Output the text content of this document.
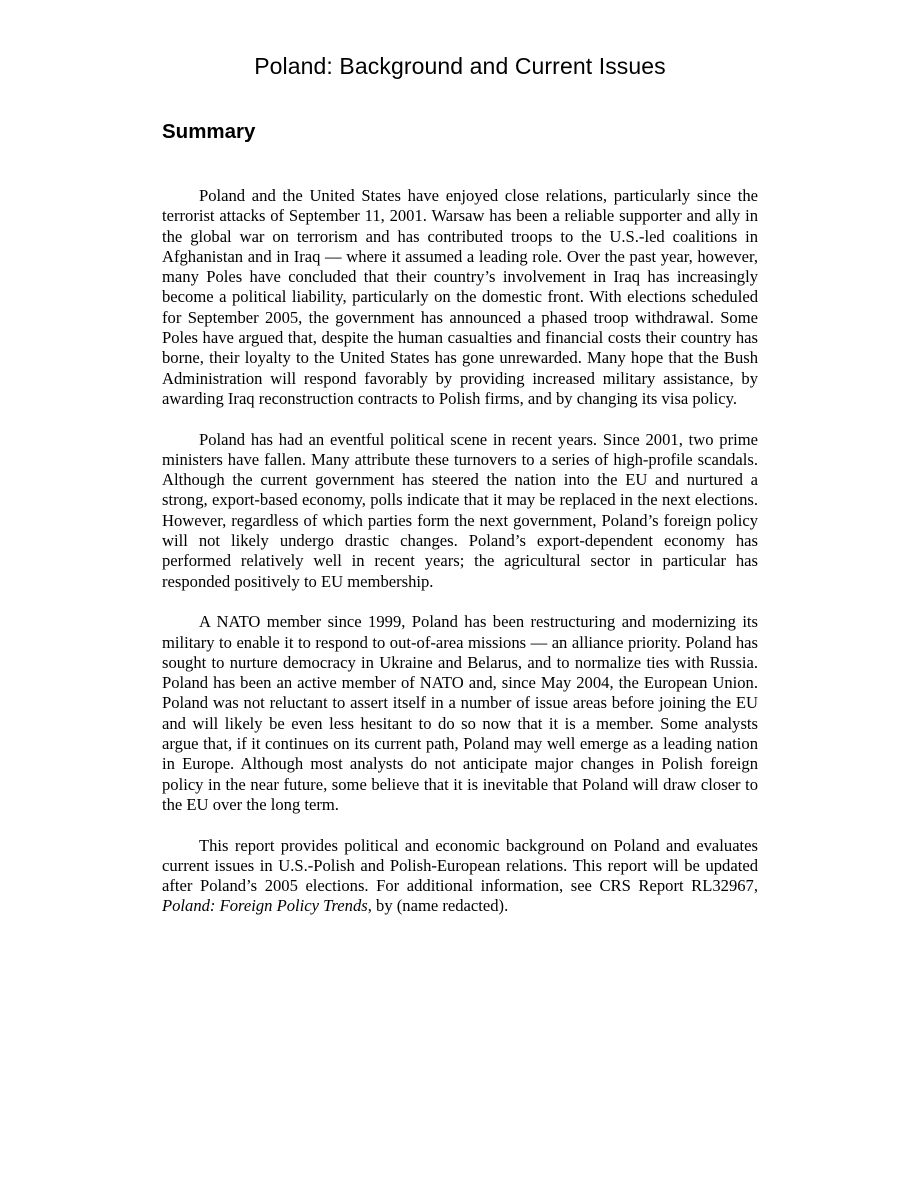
Poland: Background and Current Issues
Summary

Poland and the United States have enjoyed close relations, particularly since the terrorist attacks of September 11, 2001. Warsaw has been a reliable supporter and ally in the global war on terrorism and has contributed troops to the U.S.-led coalitions in Afghanistan and in Iraq — where it assumed a leading role. Over the past year, however, many Poles have concluded that their country’s involvement in Iraq has increasingly become a political liability, particularly on the domestic front. With elections scheduled for September 2005, the government has announced a phased troop withdrawal. Some Poles have argued that, despite the human casualties and financial costs their country has borne, their loyalty to the United States has gone unrewarded. Many hope that the Bush Administration will respond favorably by providing increased military assistance, by awarding Iraq reconstruction contracts to Polish firms, and by changing its visa policy.

Poland has had an eventful political scene in recent years. Since 2001, two prime ministers have fallen. Many attribute these turnovers to a series of high-profile scandals. Although the current government has steered the nation into the EU and nurtured a strong, export-based economy, polls indicate that it may be replaced in the next elections. However, regardless of which parties form the next government, Poland’s foreign policy will not likely undergo drastic changes. Poland’s export-dependent economy has performed relatively well in recent years; the agricultural sector in particular has responded positively to EU membership.

A NATO member since 1999, Poland has been restructuring and modernizing its military to enable it to respond to out-of-area missions — an alliance priority. Poland has sought to nurture democracy in Ukraine and Belarus, and to normalize ties with Russia. Poland has been an active member of NATO and, since May 2004, the European Union. Poland was not reluctant to assert itself in a number of issue areas before joining the EU and will likely be even less hesitant to do so now that it is a member. Some analysts argue that, if it continues on its current path, Poland may well emerge as a leading nation in Europe. Although most analysts do not anticipate major changes in Polish foreign policy in the near future, some believe that it is inevitable that Poland will draw closer to the EU over the long term.

This report provides political and economic background on Poland and evaluates current issues in U.S.-Polish and Polish-European relations. This report will be updated after Poland’s 2005 elections. For additional information, see CRS Report RL32967, Poland: Foreign Policy Trends, by (name redacted).
